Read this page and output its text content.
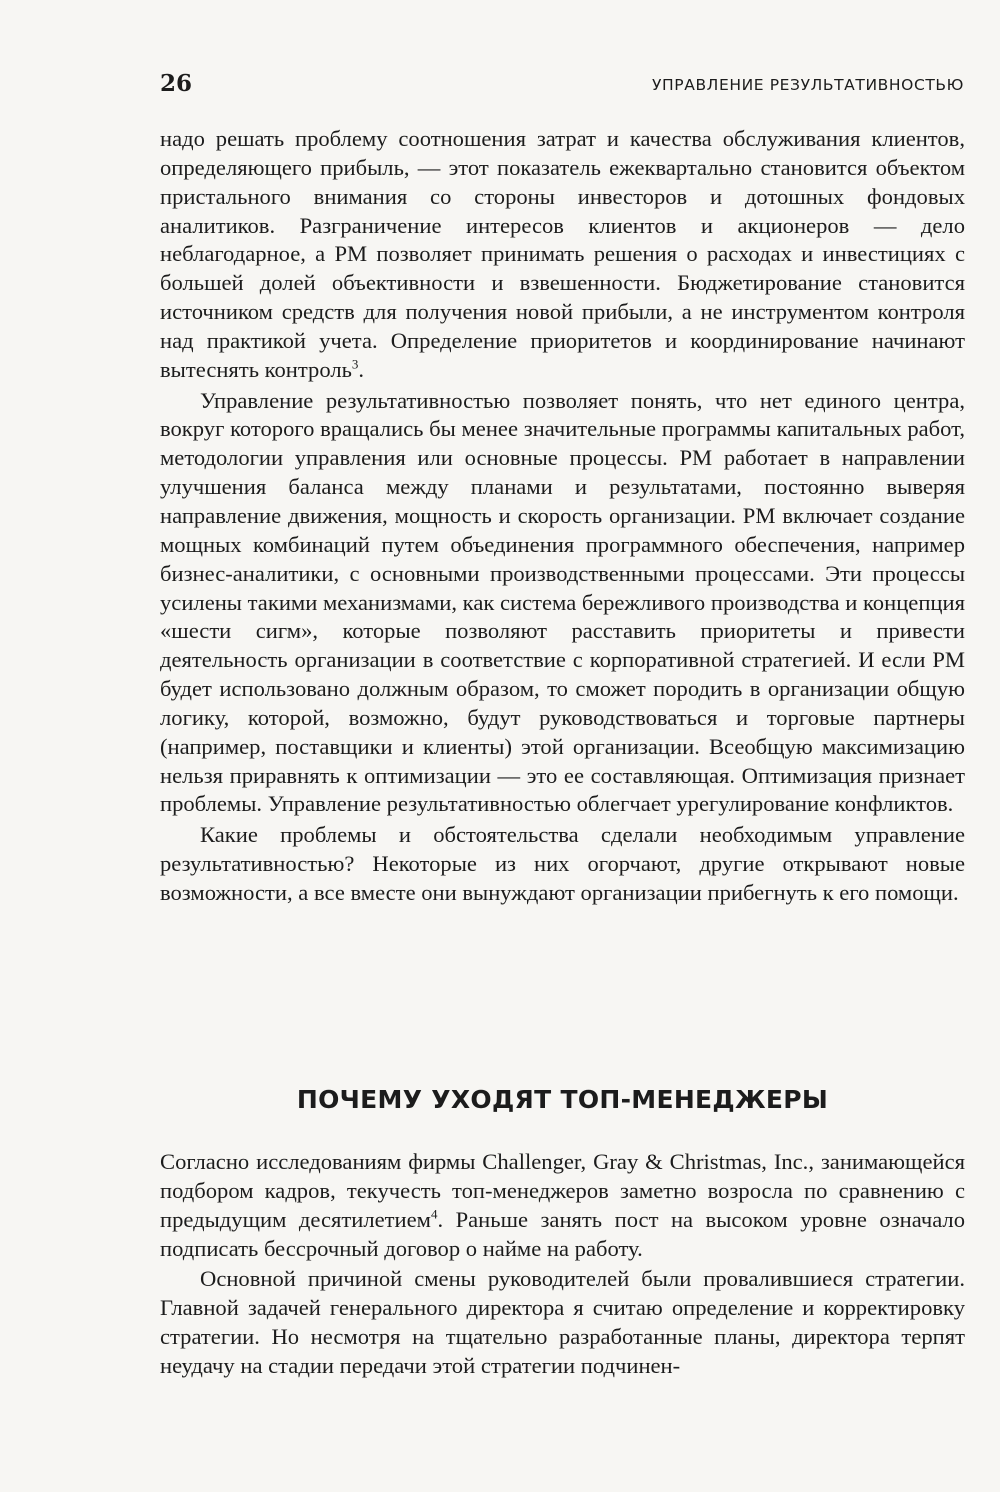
26	УПРАВЛЕНИЕ РЕЗУЛЬТАТИВНОСТЬЮ

надо решать проблему соотношения затрат и качества обслуживания клиентов, определяющего прибыль, — этот показатель ежеквартально становится объектом пристального внимания со стороны инвесторов и дотошных фондовых аналитиков. Разграничение интересов клиентов и акционеров — дело неблагодарное, а PM позволяет принимать решения о расходах и инвестициях с большей долей объективности и взвешенности. Бюджетирование становится источником средств для получения новой прибыли, а не инструментом контроля над практикой учета. Определение приоритетов и координирование начинают вытеснять контроль$^3$.

Управление результативностью позволяет понять, что нет единого центра, вокруг которого вращались бы менее значительные программы капитальных работ, методологии управления или основные процессы. PM работает в направлении улучшения баланса между планами и результатами, постоянно выверяя направление движения, мощность и скорость организации. PM включает создание мощных комбинаций путем объединения программного обеспечения, например бизнес-аналитики, с основными производственными процессами. Эти процессы усилены такими механизмами, как система бережливого производства и концепция «шести сигм», которые позволяют расставить приоритеты и привести деятельность организации в соответствие с корпоративной стратегией. И если PM будет использовано должным образом, то сможет породить в организации общую логику, которой, возможно, будут руководствоваться и торговые партнеры (например, поставщики и клиенты) этой организации. Всеобщую максимизацию нельзя приравнять к оптимизации — это ее составляющая. Оптимизация признает проблемы. Управление результативностью облегчает урегулирование конфликтов.

Какие проблемы и обстоятельства сделали необходимым управление результативностью? Некоторые из них огорчают, другие открывают новые возможности, а все вместе они вынуждают организации прибегнуть к его помощи.

ПОЧЕМУ УХОДЯТ ТОП-МЕНЕДЖЕРЫ

Согласно исследованиям фирмы Challenger, Gray & Christmas, Inc., занимающейся подбором кадров, текучесть топ-менеджеров заметно возросла по сравнению с предыдущим десятилетием$^4$. Раньше занять пост на высоком уровне означало подписать бессрочный договор о найме на работу.

Основной причиной смены руководителей были провалившиеся стратегии. Главной задачей генерального директора я считаю определение и корректировку стратегии. Но несмотря на тщательно разработанные планы, директора терпят неудачу на стадии передачи этой стратегии подчинен-
